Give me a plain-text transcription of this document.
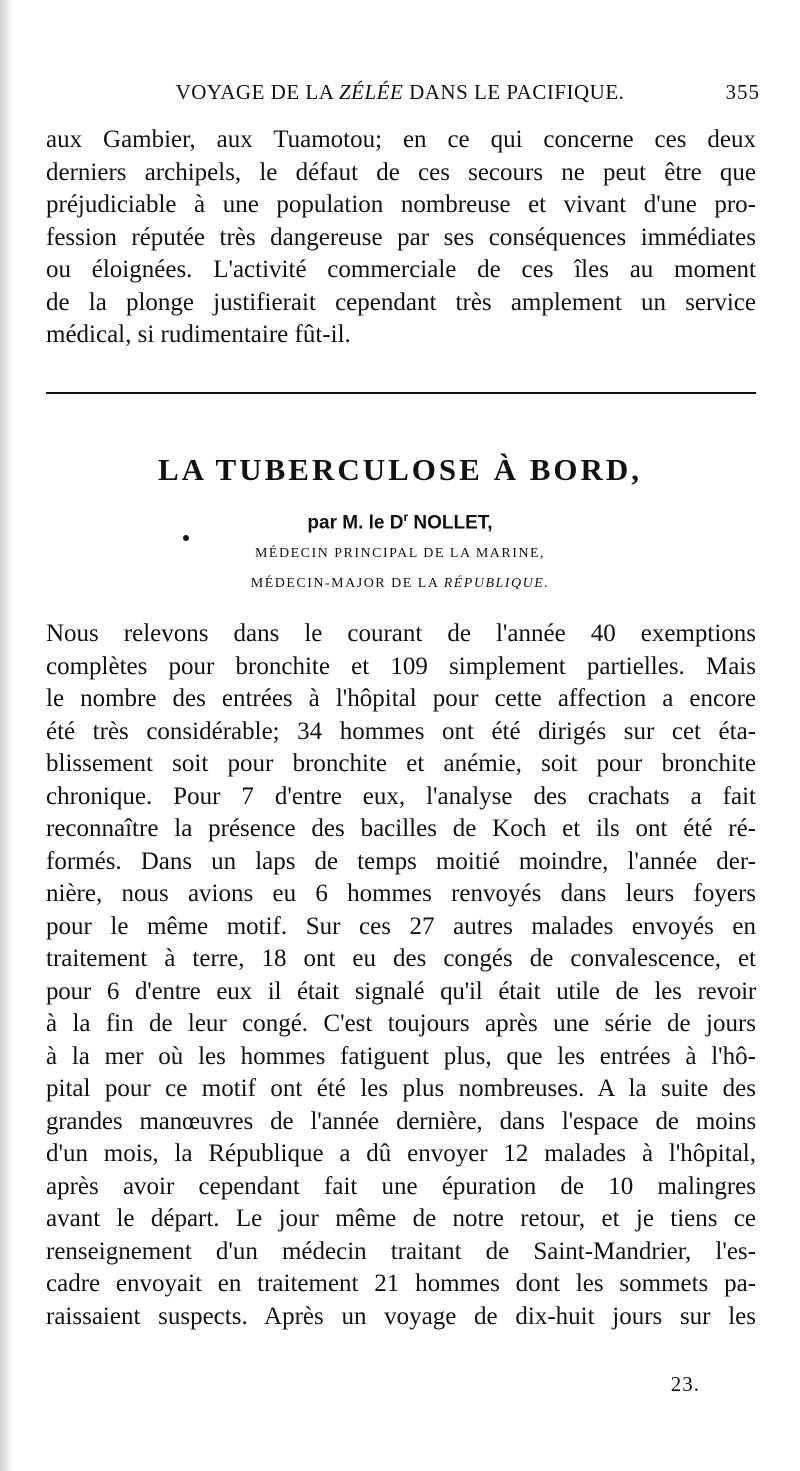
VOYAGE DE LA ZÉLÉE DANS LE PACIFIQUE.	355
aux Gambier, aux Tuamotou; en ce qui concerne ces deux
derniers archipels, le défaut de ces secours ne peut être que
préjudiciable à une population nombreuse et vivant d'une pro-
fession réputée très dangereuse par ses conséquences immédiates
ou éloignées. L'activité commerciale de ces îles au moment
de la plonge justifierait cependant très amplement un service
médical, si rudimentaire fût-il.
LA TUBERCULOSE À BORD,
par M. le $D^r$ NOLLET,
MÉDECIN PRINCIPAL DE LA MARINE,
MÉDECIN-MAJOR DE LA RÉPUBLIQUE.
Nous relevons dans le courant de l'année 40 exemptions
complètes pour bronchite et 109 simplement partielles. Mais
le nombre des entrées à l'hôpital pour cette affection a encore
été très considérable; 34 hommes ont été dirigés sur cet éta-
blissement soit pour bronchite et anémie, soit pour bronchite
chronique. Pour 7 d'entre eux, l'analyse des crachats a fait
reconnaître la présence des bacilles de Koch et ils ont été ré-
formés. Dans un laps de temps moitié moindre, l'année der-
nière, nous avions eu 6 hommes renvoyés dans leurs foyers
pour le même motif. Sur ces 27 autres malades envoyés en
traitement à terre, 18 ont eu des congés de convalescence, et
pour 6 d'entre eux il était signalé qu'il était utile de les revoir
à la fin de leur congé. C'est toujours après une série de jours
à la mer où les hommes fatiguent plus, que les entrées à l'hô-
pital pour ce motif ont été les plus nombreuses. A la suite des
grandes manœuvres de l'année dernière, dans l'espace de moins
d'un mois, la République a dû envoyer 12 malades à l'hôpital,
après avoir cependant fait une épuration de 10 malingres
avant le départ. Le jour même de notre retour, et je tiens ce
renseignement d'un médecin traitant de Saint-Mandrier, l'es-
cadre envoyait en traitement 21 hommes dont les sommets pa-
raissaient suspects. Après un voyage de dix-huit jours sur les
23.
